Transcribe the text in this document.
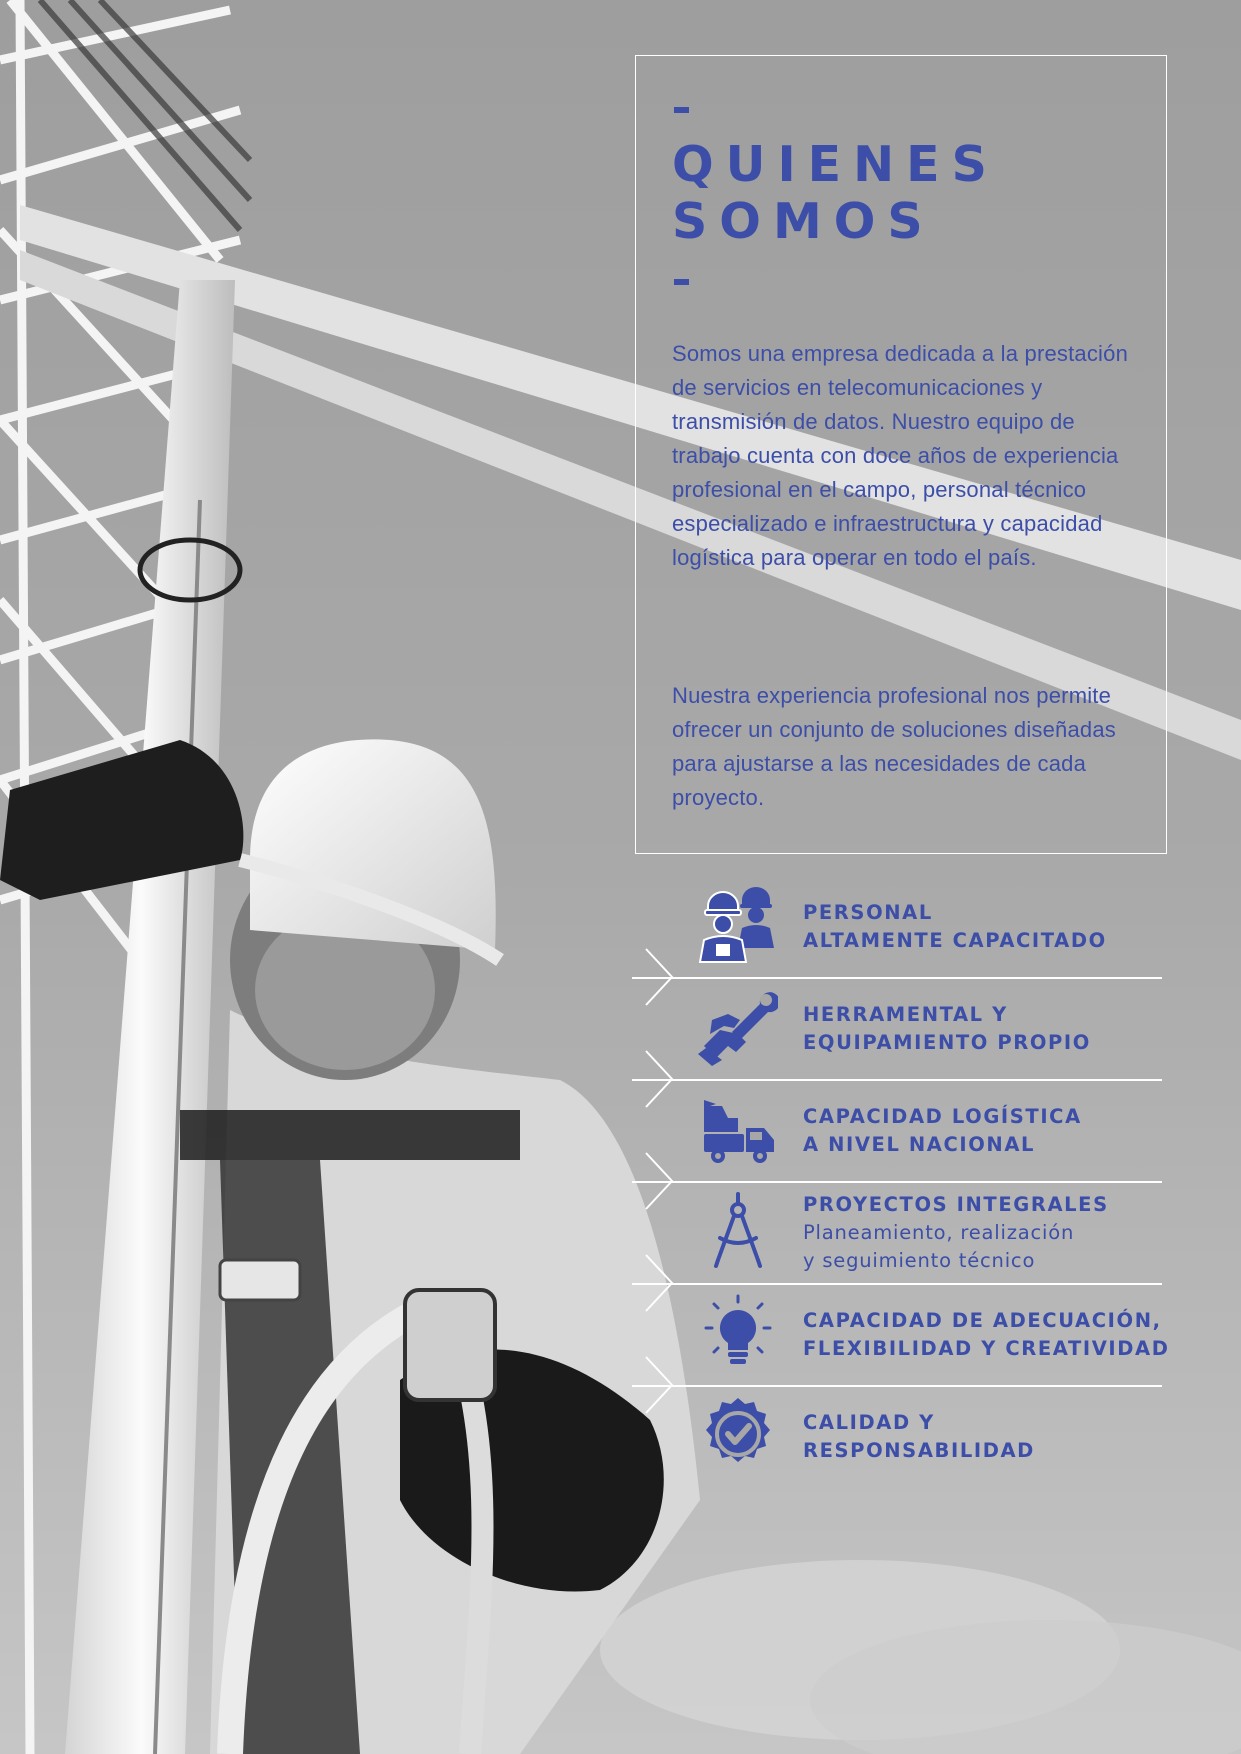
QUIENES
SOMOS

Somos una empresa dedicada a la prestación de servicios en telecomunicaciones y transmisión de datos. Nuestro equipo de trabajo cuenta con doce años de experiencia profesional en el campo, personal técnico especializado e infraestructura y capacidad logística para operar en todo el país.

Nuestra experiencia profesional nos permite ofrecer un conjunto de soluciones diseñadas para ajustarse a las necesidades de cada proyecto.

PERSONAL
ALTAMENTE CAPACITADO

HERRAMENTAL Y
EQUIPAMIENTO PROPIO

CAPACIDAD LOGÍSTICA
A NIVEL NACIONAL

PROYECTOS INTEGRALES
Planeamiento, realización
y seguimiento técnico

CAPACIDAD DE ADECUACIÓN,
FLEXIBILIDAD Y CREATIVIDAD

CALIDAD Y
RESPONSABILIDAD
